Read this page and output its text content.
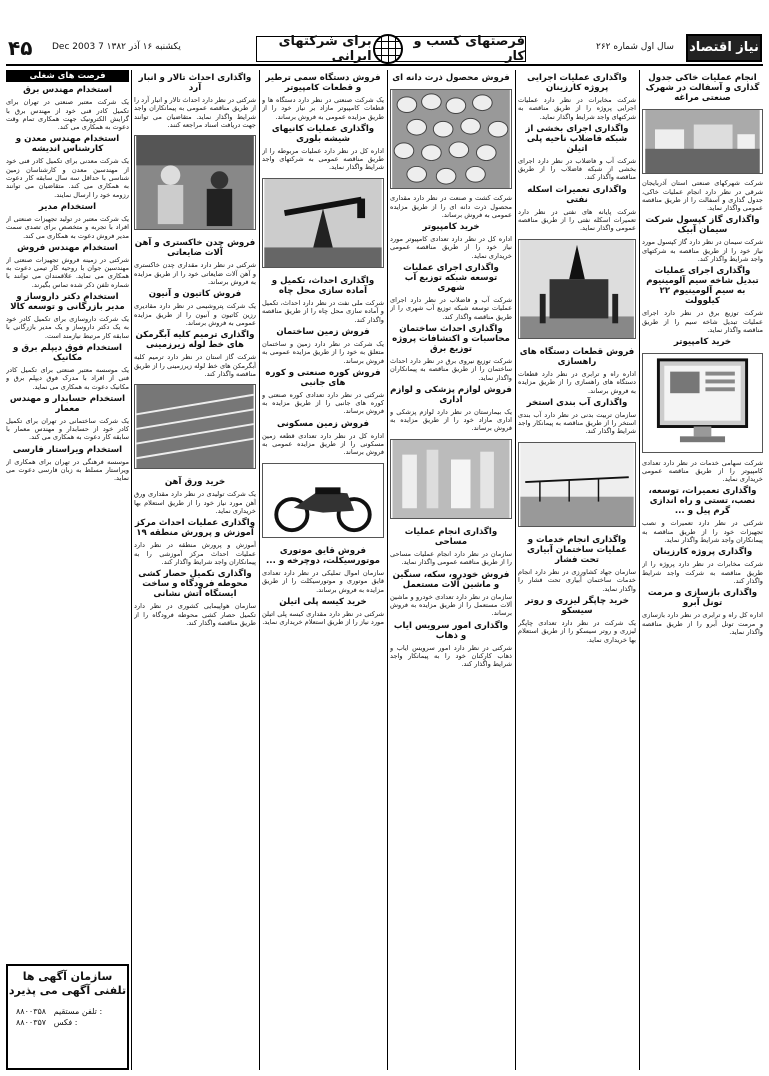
۴۵ یکشنبه ۱۶ آذر ۱۳۸۲ 7 Dec 2003	فرصتهای کسب و کار
برای شرکتهای ایرانی
سال اول شماره ۲۶۲ نیاز اقتصاد
فرصت های شغلی
استخدام مهندس برق

یک شرکت معتبر صنعتی در تهران برای تکمیل کادر فنی خود از مهندس برق با گرایش الکترونیک جهت همکاری تمام وقت دعوت به همکاری می کند.

استخدام مهندس معدن و کارشناس اندیشه

یک شرکت معدنی برای تکمیل کادر فنی خود از مهندسین معدن و کارشناسان زمین شناسی با حداقل سه سال سابقه کار دعوت به همکاری می کند. متقاضیان می توانند رزومه خود را ارسال نمایند.

استخدام مدیر

یک شرکت معتبر در تولید تجهیزات صنعتی از افراد با تجربه و متخصص برای تصدی سمت مدیر فروش دعوت به همکاری می کند.

استخدام مهندس فروش

شرکتی در زمینه فروش تجهیزات صنعتی از مهندسین جوان با روحیه کار تیمی دعوت به همکاری می نماید. علاقمندان می توانند با شماره تلفن ذکر شده تماس بگیرند.

استخدام دکتر داروساز و مدیر بازرگانی و توسعه کالا

یک شرکت داروسازی برای تکمیل کادر خود به یک دکتر داروساز و یک مدیر بازرگانی با سابقه کار مرتبط نیازمند است.

استخدام فوق دیپلم برق و مکانیک

یک موسسه معتبر صنعتی برای تکمیل کادر فنی از افراد با مدرک فوق دیپلم برق و مکانیک دعوت به همکاری می نماید.

استخدام حسابدار و مهندس معمار

یک شرکت ساختمانی در تهران برای تکمیل کادر خود از حسابدار و مهندس معمار با سابقه کار دعوت به همکاری می کند.

استخدام ویراستار فارسی

موسسه فرهنگی در تهران برای همکاری از ویراستار مسلط به زبان فارسی دعوت می نماید.

سازمان آگهی ها
تلفنی آگهی می پذیرد
۸۸۰۰۳۵۸ تلفن مستقیم :
۸۸۰۰۳۵۷ فکس :
واگذاری احداث تالار و انبار آرد

شرکتی در نظر دارد احداث تالار و انبار آرد را از طریق مناقصه عمومی به پیمانکاران واجد شرایط واگذار نماید. متقاضیان می توانند جهت دریافت اسناد مراجعه کنند.

فروش چدن خاکستری و آهن آلات ضایعاتی

شرکتی در نظر دارد مقداری چدن خاکستری و آهن آلات ضایعاتی خود را از طریق مزایده به فروش برساند.

فروش کاتیون و آنیون

یک شرکت پتروشیمی در نظر دارد مقادیری رزین کاتیون و آنیون را از طریق مزایده عمومی به فروش برساند.

واگذاری ترمیم کلیه آبگرمکن های خط لوله زیرزمینی

شرکت گاز استان در نظر دارد ترمیم کلیه آبگرمکن های خط لوله زیرزمینی را از طریق مناقصه واگذار کند.

خرید ورق آهن

یک شرکت تولیدی در نظر دارد مقداری ورق آهن مورد نیاز خود را از طریق استعلام بها خریداری نماید.

واگذاری عملیات احداث مرکز آموزش و پرورش منطقه ۱۹

آموزش و پرورش منطقه در نظر دارد عملیات احداث مرکز آموزشی را به پیمانکاران واجد شرایط واگذار کند.

واگذاری تکمیل حصار کشی محوطه فرودگاه و ساخت ایستگاه آتش نشانی

سازمان هواپیمایی کشوری در نظر دارد تکمیل حصار کشی محوطه فرودگاه را از طریق مناقصه واگذار کند.

فروش دستگاه سمی ترطیر و قطعات کامپیوتر

یک شرکت صنعتی در نظر دارد دستگاه ها و قطعات کامپیوتر مازاد بر نیاز خود را از طریق مزایده عمومی به فروش برساند.

واگذاری عملیات کانیهای شیشه بلوری

اداره کل در نظر دارد عملیات مربوطه را از طریق مناقصه عمومی به شرکتهای واجد شرایط واگذار نماید.

واگذاری احداث، تکمیل و آماده سازی محل چاه

شرکت ملی نفت در نظر دارد احداث، تکمیل و آماده سازی محل چاه را از طریق مناقصه واگذار کند.

فروش زمین ساختمان

یک شرکت در نظر دارد زمین و ساختمان متعلق به خود را از طریق مزایده عمومی به فروش برساند.

فروش کوره صنعتی و کوره های جانبی

شرکتی در نظر دارد تعدادی کوره صنعتی و کوره های جانبی را از طریق مزایده به فروش برساند.

فروش زمین مسکونی

اداره کل در نظر دارد تعدادی قطعه زمین مسکونی را از طریق مزایده عمومی به فروش برساند.

فروش قایق موتوری موتورسیکلت، دوچرخه و ...

سازمان اموال تملیکی در نظر دارد تعدادی قایق موتوری و موتورسیکلت را از طریق مزایده به فروش برساند.

خرید کیسه پلی اتیلن

شرکتی در نظر دارد مقداری کیسه پلی اتیلن مورد نیاز را از طریق استعلام خریداری نماید.

فروش محصول ذرت دانه ای

شرکت کشت و صنعت در نظر دارد مقداری محصول ذرت دانه ای را از طریق مزایده عمومی به فروش برساند.

خرید کامپیوتر

اداره کل در نظر دارد تعدادی کامپیوتر مورد نیاز خود را از طریق مناقصه عمومی خریداری نماید.

واگذاری اجرای عملیات توسعه شبکه توزیع آب شهری

شرکت آب و فاضلاب در نظر دارد اجرای عملیات توسعه شبکه توزیع آب شهری را از طریق مناقصه واگذار کند.

واگذاری احداث ساختمان محاسبات و اکتشافات پروژه توزیع برق

شرکت توزیع نیروی برق در نظر دارد احداث ساختمان را از طریق مناقصه به پیمانکاران واگذار نماید.

فروش لوازم پزشکی و لوازم اداری

یک بیمارستان در نظر دارد لوازم پزشکی و اداری مازاد خود را از طریق مزایده به فروش برساند.

واگذاری انجام عملیات مساحی

سازمان در نظر دارد انجام عملیات مساحی را از طریق مناقصه عمومی واگذار نماید.

فروش خودرو، سکه، سنگین و ماشین آلات مستعمل

سازمان در نظر دارد تعدادی خودرو و ماشین آلات مستعمل را از طریق مزایده به فروش برساند.

واگذاری امور سرویس ایاب و ذهاب

شرکتی در نظر دارد امور سرویس ایاب و ذهاب کارکنان خود را به پیمانکار واجد شرایط واگذار کند.

واگذاری عملیات اجرایی پروژه کارزینان

شرکت مخابرات در نظر دارد عملیات اجرایی پروژه را از طریق مناقصه به شرکتهای واجد شرایط واگذار نماید.

واگذاری اجرای بخشی از شبکه فاضلاب ناحیه پلی اتیلن

شرکت آب و فاضلاب در نظر دارد اجرای بخشی از شبکه فاضلاب را از طریق مناقصه واگذار کند.

واگذاری تعمیرات اسکله نفتی

شرکت پایانه های نفتی در نظر دارد تعمیرات اسکله نفتی را از طریق مناقصه عمومی واگذار نماید.

فروش قطعات دستگاه های راهسازی

اداره راه و ترابری در نظر دارد قطعات دستگاه های راهسازی را از طریق مزایده به فروش برساند.

واگذاری آب بندی استخر

سازمان تربیت بدنی در نظر دارد آب بندی استخر را از طریق مناقصه به پیمانکار واجد شرایط واگذار کند.

واگذاری انجام خدمات و عملیات ساختمان آبیاری تحت فشار

سازمان جهاد کشاورزی در نظر دارد انجام خدمات ساختمان آبیاری تحت فشار را واگذار نماید.

خرید چاپگر لیزری و روتر سیسکو

یک شرکت در نظر دارد تعدادی چاپگر لیزری و روتر سیسکو را از طریق استعلام بها خریداری نماید.

انجام عملیات خاکی جدول گذاری و آسفالت در شهرک صنعتی مراغه

شرکت شهرکهای صنعتی استان آذربایجان شرقی در نظر دارد انجام عملیات خاکی، جدول گذاری و آسفالت را از طریق مناقصه عمومی واگذار نماید.

واگذاری گاز کپسول شرکت سیمان آبیک

شرکت سیمان در نظر دارد گاز کپسول مورد نیاز خود را از طریق مناقصه به شرکتهای واجد شرایط واگذار کند.

واگذاری اجرای عملیات تبدیل شاخه سیم آلومینیوم به سیم آلومینیوم ۲۲ کیلوولت

شرکت توزیع برق در نظر دارد اجرای عملیات تبدیل شاخه سیم را از طریق مناقصه واگذار نماید.

خرید کامپیوتر

شرکت سهامی خدمات در نظر دارد تعدادی کامپیوتر را از طریق مناقصه عمومی خریداری نماید.

واگذاری تعمیرات، توسعه، نصب، تستی و راه اندازی گرم پیل و ...

شرکتی در نظر دارد تعمیرات و نصب تجهیزات خود را از طریق مناقصه به پیمانکاران واجد شرایط واگذار نماید.

واگذاری پروژه کارزینان

شرکت مخابرات در نظر دارد پروژه را از طریق مناقصه به شرکت واجد شرایط واگذار کند.

واگذاری بازسازی و مرمت تونل آبرو

اداره کل راه و ترابری در نظر دارد بازسازی و مرمت تونل آبرو را از طریق مناقصه واگذار نماید.
